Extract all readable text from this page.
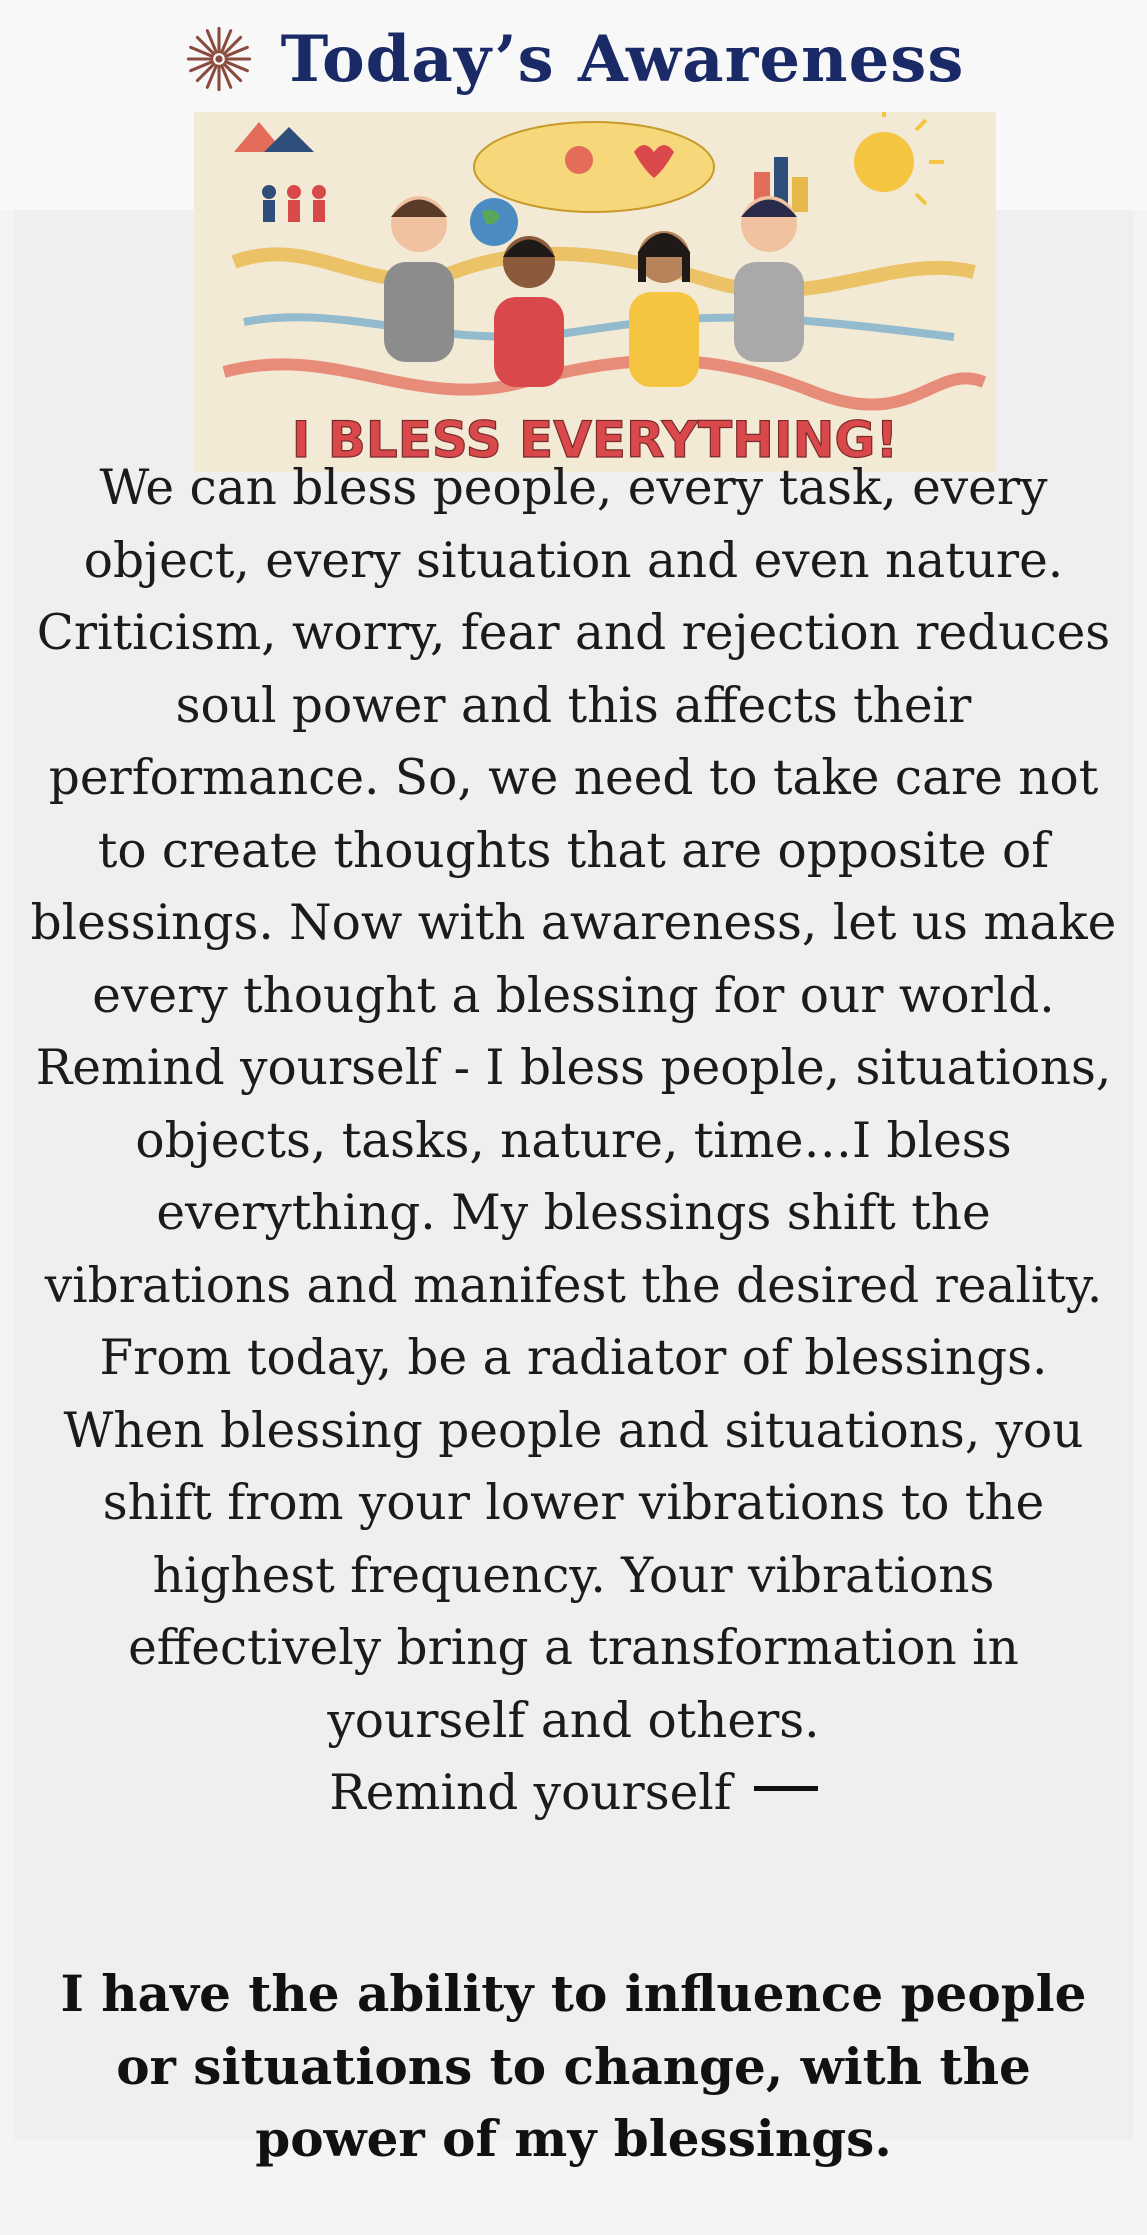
Today’s Awareness
I BLESS EVERYTHING!

We can bless people, every task, every object, every situation and even nature. Criticism, worry, fear and rejection reduces soul power and this affects their performance. So, we need to take care not to create thoughts that are opposite of blessings. Now with awareness, let us make every thought a blessing for our world. Remind yourself - I bless people, situations, objects, tasks, nature, time…I bless everything. My blessings shift the vibrations and manifest the desired reality.

From today, be a radiator of blessings. When blessing people and situations, you shift from your lower vibrations to the highest frequency. Your vibrations effectively bring a transformation in yourself and others.

Remind yourself

I have the ability to influence people or situations to change, with the power of my blessings.
